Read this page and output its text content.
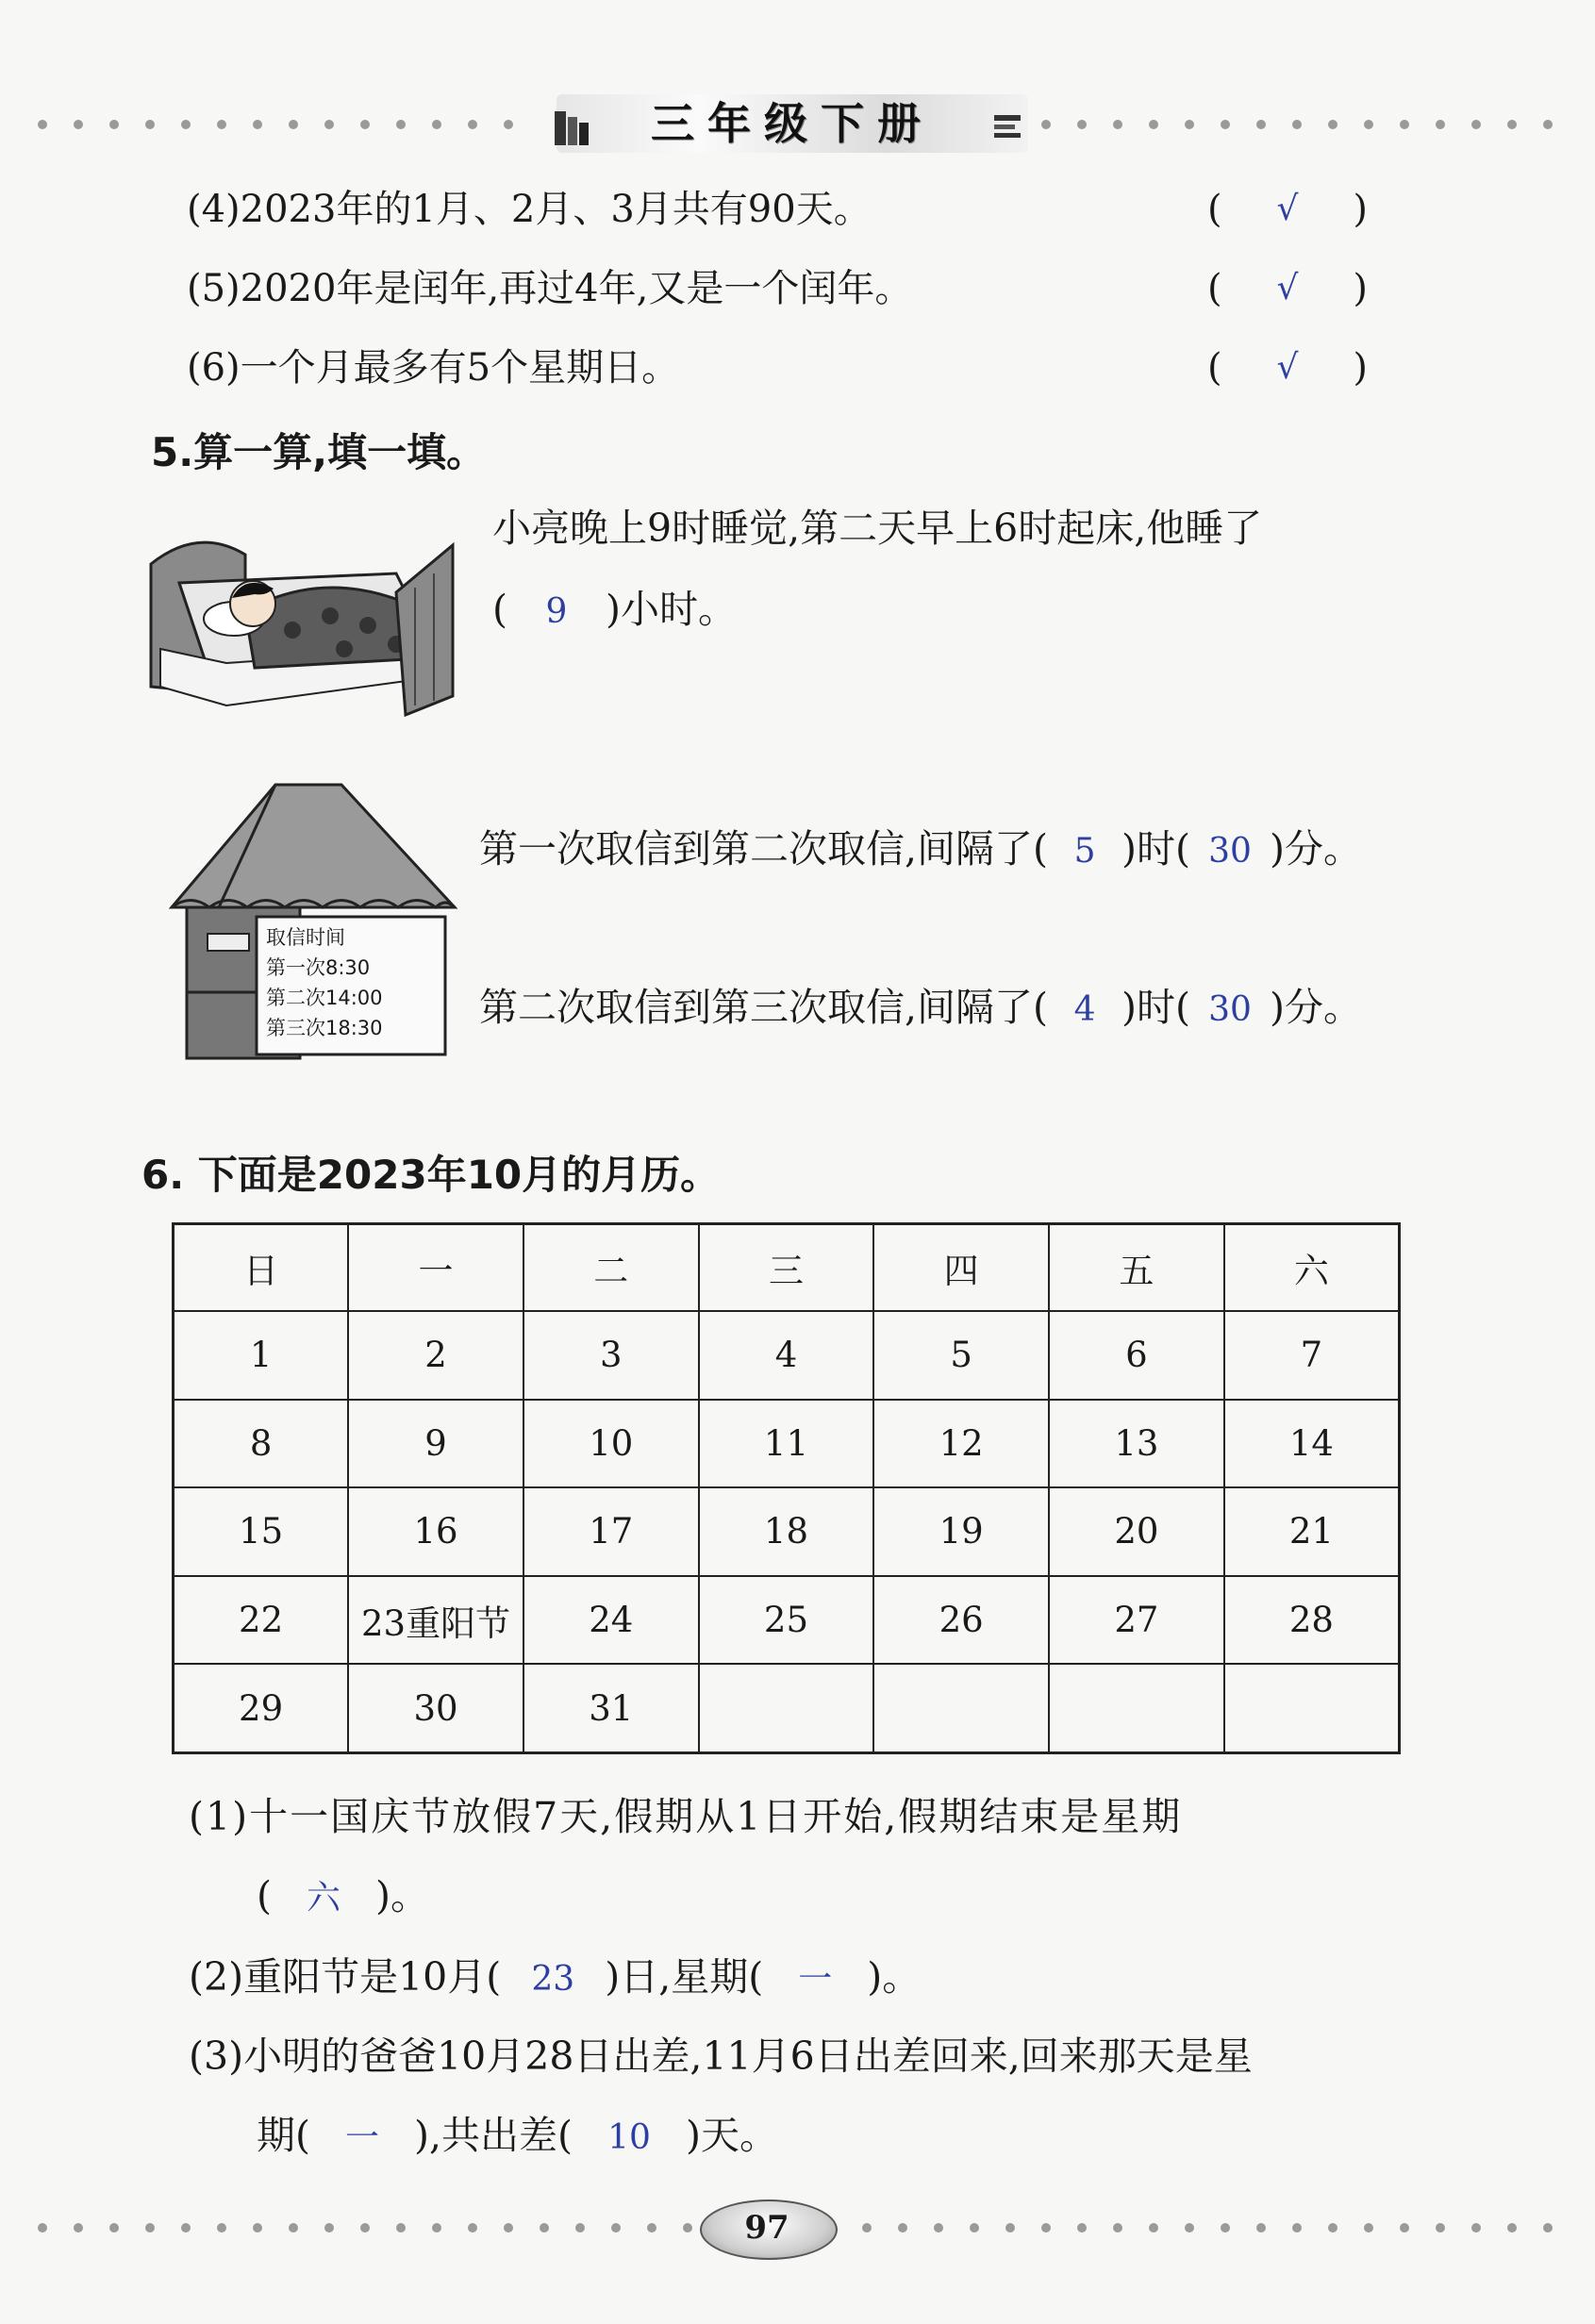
三年级下册
(4)2023年的1月、2月、3月共有90天。	(	√	)
(5)2020年是闰年,再过4年,又是一个闰年。	(	√	)
(6)一个月最多有5个星期日。	(	√	)
5.算一算,填一填。
小亮晚上9时睡觉,第二天早上6时起床,他睡了
( 9 )小时。
取信时间
第一次8:30
第二次14:00
第三次18:30
第一次取信到第二次取信,间隔了( 5 )时( 30 )分。
第二次取信到第三次取信,间隔了( 4 )时( 30 )分。
6. 下面是2023年10月的月历。
日	一	二	三	四	五	六
1	2	3	4	5	6	7
8	9	10	11	12	13	14
15	16	17	18	19	20	21
22	23重阳节	24	25	26	27	28
29	30	31				
(1)十一国庆节放假7天,假期从1日开始,假期结束是星期
( 六 )。
(2)重阳节是10月( 23 )日,星期( 一 )。
(3)小明的爸爸10月28日出差,11月6日出差回来,回来那天是星
期( 一 ),共出差( 10 )天。
97
